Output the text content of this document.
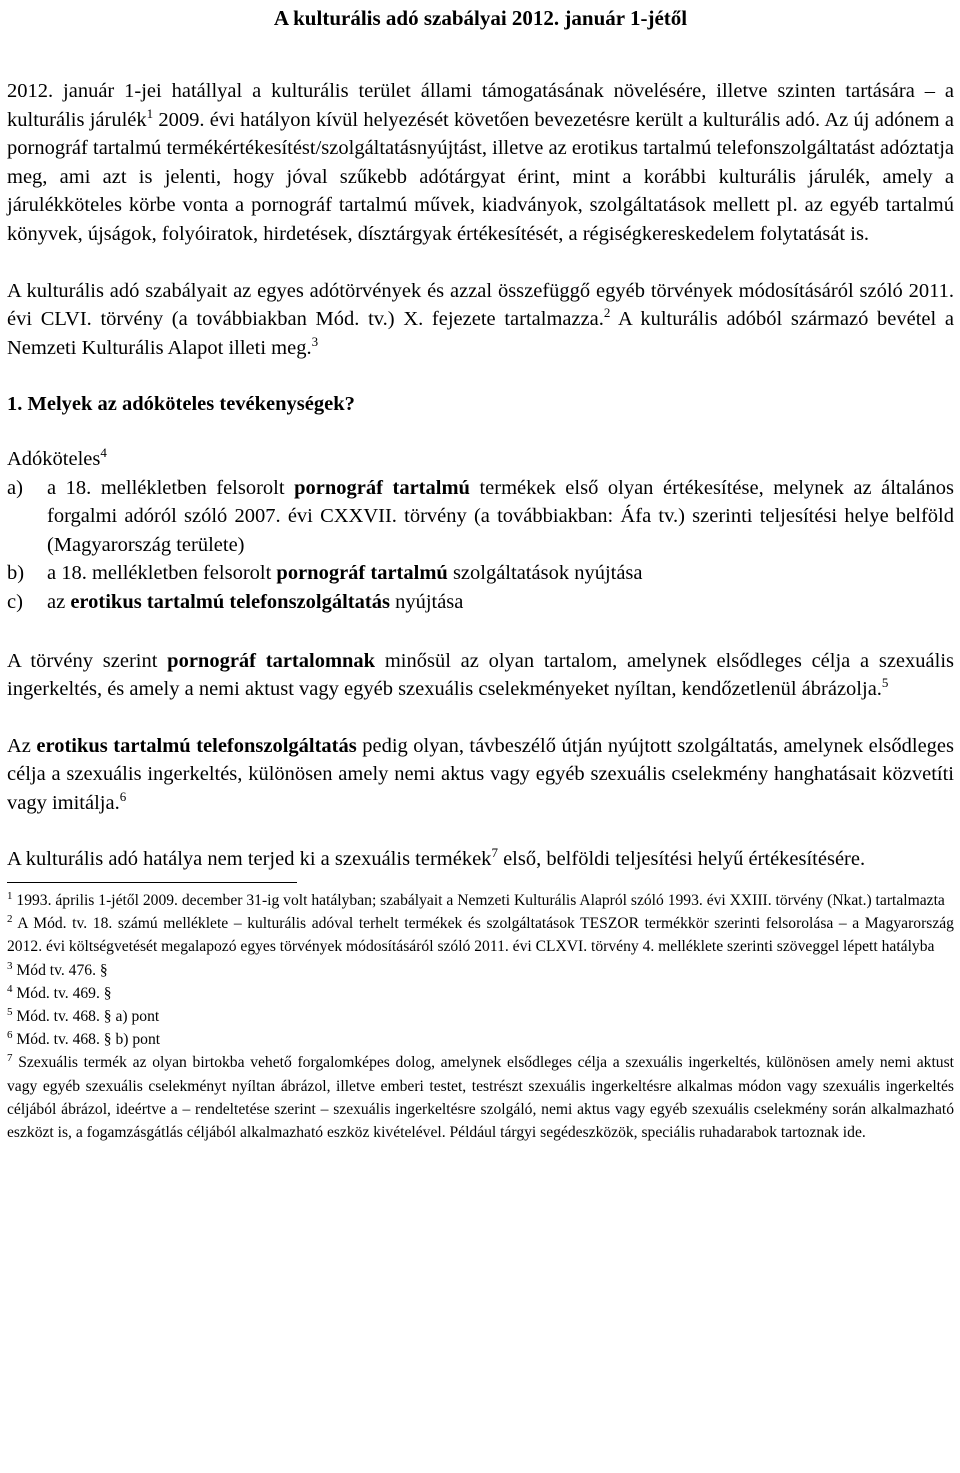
A kulturális adó szabályai 2012. január 1-jétől

2012. január 1-jei hatállyal a kulturális terület állami támogatásának növelésére, illetve szinten tartására – a kulturális járulék$^1$ 2009. évi hatályon kívül helyezését követően bevezetésre került a kulturális adó. Az új adónem a pornográf tartalmú termékértékesítést/szolgáltatásnyújtást, illetve az erotikus tartalmú telefonszolgáltatást adóztatja meg, ami azt is jelenti, hogy jóval szűkebb adótárgyat érint, mint a korábbi kulturális járulék, amely a járulékköteles körbe vonta a pornográf tartalmú művek, kiadványok, szolgáltatások mellett pl. az egyéb tartalmú könyvek, újságok, folyóiratok, hirdetések, dísztárgyak értékesítését, a régiségkereskedelem folytatását is.

A kulturális adó szabályait az egyes adótörvények és azzal összefüggő egyéb törvények módosításáról szóló 2011. évi CLVI. törvény (a továbbiakban Mód. tv.) X. fejezete tartalmazza.$^2$ A kulturális adóból származó bevétel a Nemzeti Kulturális Alapot illeti meg.$^3$

1. Melyek az adóköteles tevékenységek?

Adóköteles$^4$

a)	a 18. mellékletben felsorolt pornográf tartalmú termékek első olyan értékesítése, melynek az általános forgalmi adóról szóló 2007. évi CXXVII. törvény (a továbbiakban: Áfa tv.) szerinti teljesítési helye belföld (Magyarország területe)
b)	a 18. mellékletben felsorolt pornográf tartalmú szolgáltatások nyújtása
c)	az erotikus tartalmú telefonszolgáltatás nyújtása

A törvény szerint pornográf tartalomnak minősül az olyan tartalom, amelynek elsődleges célja a szexuális ingerkeltés, és amely a nemi aktust vagy egyéb szexuális cselekményeket nyíltan, kendőzetlenül ábrázolja.$^5$

Az erotikus tartalmú telefonszolgáltatás pedig olyan, távbeszélő útján nyújtott szolgáltatás, amelynek elsődleges célja a szexuális ingerkeltés, különösen amely nemi aktus vagy egyéb szexuális cselekmény hanghatásait közvetíti vagy imitálja.$^6$

A kulturális adó hatálya nem terjed ki a szexuális termékek$^7$ első, belföldi teljesítési helyű értékesítésére.

$^1$ 1993. április 1-jétől 2009. december 31-ig volt hatályban; szabályait a Nemzeti Kulturális Alapról szóló 1993. évi XXIII. törvény (Nkat.) tartalmazta
$^2$ A Mód. tv. 18. számú melléklete – kulturális adóval terhelt termékek és szolgáltatások TESZOR termékkör szerinti felsorolása – a Magyarország 2012. évi költségvetését megalapozó egyes törvények módosításáról szóló 2011. évi CLXVI. törvény 4. melléklete szerinti szöveggel lépett hatályba
$^3$ Mód tv. 476. §
$^4$ Mód. tv. 469. §
$^5$ Mód. tv. 468. § a) pont
$^6$ Mód. tv. 468. § b) pont
$^7$ Szexuális termék az olyan birtokba vehető forgalomképes dolog, amelynek elsődleges célja a szexuális ingerkeltés, különösen amely nemi aktust vagy egyéb szexuális cselekményt nyíltan ábrázol, illetve emberi testet, testrészt szexuális ingerkeltésre alkalmas módon vagy szexuális ingerkeltés céljából ábrázol, ideértve a – rendeltetése szerint – szexuális ingerkeltésre szolgáló, nemi aktus vagy egyéb szexuális cselekmény során alkalmazható eszközt is, a fogamzásgátlás céljából alkalmazható eszköz kivételével. Például tárgyi segédeszközök, speciális ruhadarabok tartoznak ide.
